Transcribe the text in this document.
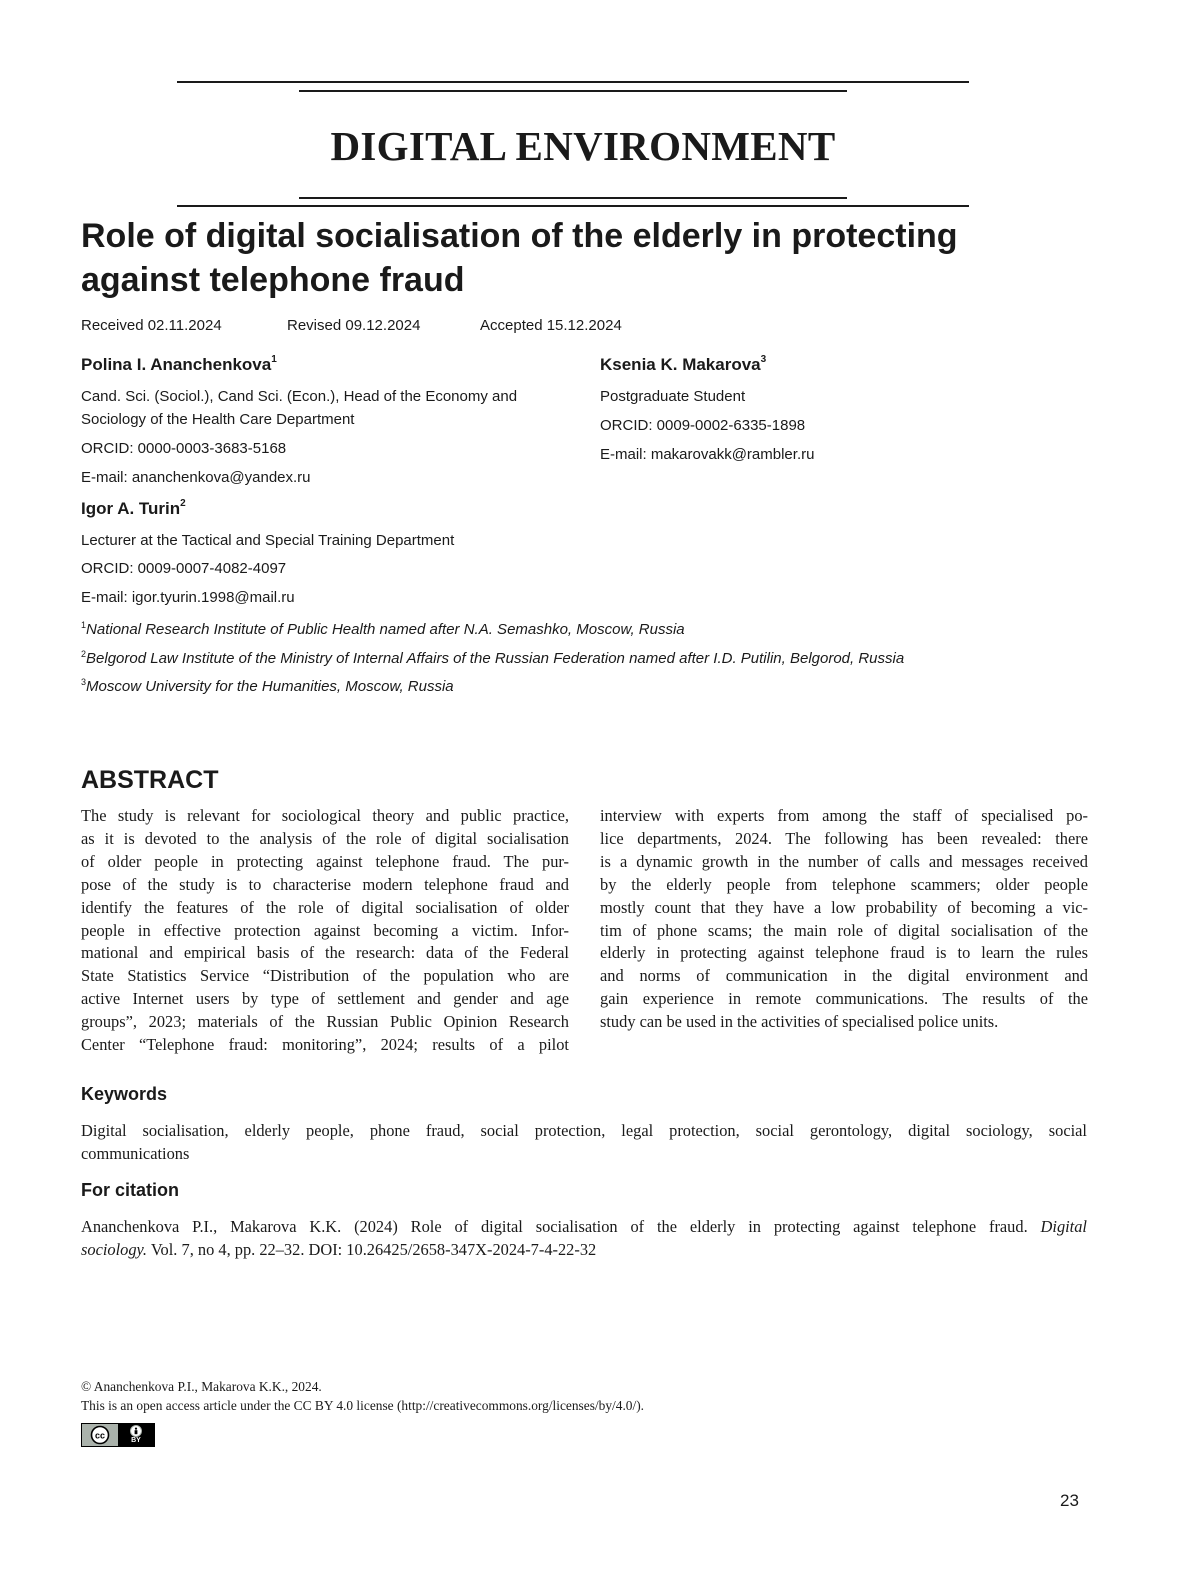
DIGITAL ENVIRONMENT
Role of digital socialisation of the elderly in protecting
against telephone fraud
Received 02.11.2024	Revised 09.12.2024	Accepted 15.12.2024
Polina I. Ananchenkova$^1$
Cand. Sci. (Sociol.), Cand Sci. (Econ.), Head of the Economy and
Sociology of the Health Care Department
ORCID: 0000-0003-3683-5168
E-mail: ananchenkova@yandex.ru
Igor A. Turin$^2$
Lecturer at the Tactical and Special Training Department
ORCID: 0009-0007-4082-4097
E-mail: igor.tyurin.1998@mail.ru
Ksenia K. Makarova$^3$
Postgraduate Student
ORCID: 0009-0002-6335-1898
E-mail: makarovakk@rambler.ru
$^1$National Research Institute of Public Health named after N.A. Semashko, Moscow, Russia
$^2$Belgorod Law Institute of the Ministry of Internal Affairs of the Russian Federation named after I.D. Putilin, Belgorod, Russia
$^3$Moscow University for the Humanities, Moscow, Russia
ABSTRACT
The study is relevant for sociological theory and public practice,
as it is devoted to the analysis of the role of digital socialisation
of older people in protecting against telephone fraud. The pur-
pose of the study is to characterise modern telephone fraud and
identify the features of the role of digital socialisation of older
people in effective protection against becoming a victim. Infor-
mational and empirical basis of the research: data of the Federal
State Statistics Service “Distribution of the population who are
active Internet users by type of settlement and gender and age
groups”, 2023; materials of the Russian Public Opinion Research
Center “Telephone fraud: monitoring”, 2024; results of a pilot
interview with experts from among the staff of specialised po-
lice departments, 2024. The following has been revealed: there
is a dynamic growth in the number of calls and messages received
by the elderly people from telephone scammers; older people
mostly count that they have a low probability of becoming a vic-
tim of phone scams; the main role of digital socialisation of the
elderly in protecting against telephone fraud is to learn the rules
and norms of communication in the digital environment and
gain experience in remote communications. The results of the
study can be used in the activities of specialised police units.
Keywords
Digital socialisation, elderly people, phone fraud, social protection, legal protection, social gerontology, digital sociology, social
communications
For citation
Ananchenkova P.I., Makarova K.K. (2024) Role of digital socialisation of the elderly in protecting against telephone fraud. Digital
sociology. Vol. 7, no 4, pp. 22–32. DOI: 10.26425/2658-347X-2024-7-4-22-32
© Ananchenkova P.I., Makarova K.K., 2024.
This is an open access article under the CC BY 4.0 license (http://creativecommons.org/licenses/by/4.0/).
cc	BY
23
